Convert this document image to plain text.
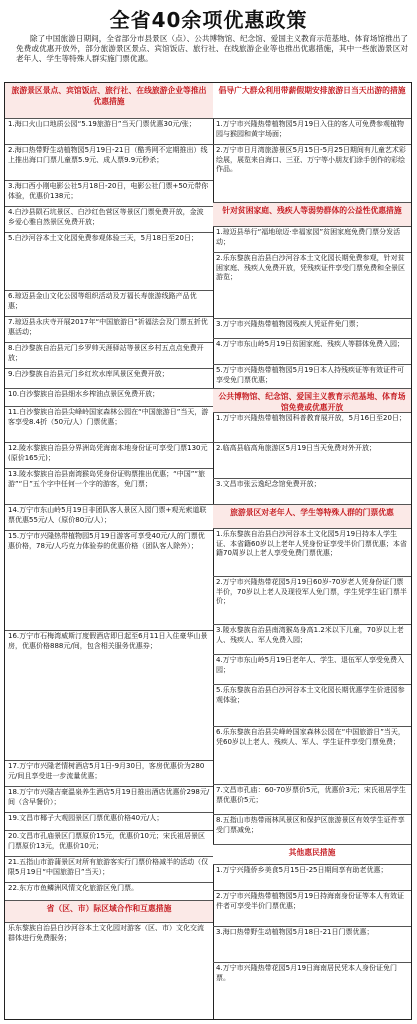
全省40余项优惠政策
除了中国旅游日期间，全省部分市县景区（点）、公共博物馆、纪念馆、爱国主义教育示范基地、体育场馆推出了免费或优惠开放外，部分旅游景区景点、宾馆饭店、旅行社、在线旅游企业等也推出优惠措施，其中一些旅游景区对老年人、学生等特殊人群实施门票优惠。
旅游景区景点、宾馆饭店、旅行社、在线旅游企业等推出优惠措施
1.海口火山口地质公园“5.19旅游日”当天门票优惠30元/张；
2.海口热带野生动植物园5月19日-21日（酷秀网不定期推出）线上推出海口门票儿童票5.9元、成人票9.9元秒杀；
3.海口西小刚电影公社5月18日-20日，电影公社门票+50元带你体验，优惠价138元；
4.白沙县陨石坑景区、白沙红色营区等景区门票免费开放，金波乡爱心雅自然景区免费开放；
5.白沙河谷本土文化园免费参观体验三天，5月18日至20日；
6.琼迈县金山文化公园等组织活动及万福长寿旅游线路产品优惠；
7.琼迈县永庆寺开展2017年“中国旅游日”祈福法会及门票五折优惠活动；
8.白沙黎族自治县元门乡罗帅天涯驿站等景区乡村五点点免费开放；
9.白沙黎族自治县元门乡红坎水库风景区免费开放；
10.白沙黎族自治县细水乡榨油点景区免费开放；
11.白沙黎族自治县尖峰岭国家森林公园在“中国旅游日”当天，游客享受8.4折（50元/人）门票优惠；
12.陵水黎族自治县分界洲岛凭海南本地身份证可享受门票130元(原价165元)；
13.陵水黎族自治县南湾猴岛凭身份证购票推出优惠；“中国”“旅游”“日”五个字中任何一个字的游客，免门票；
14.万宁市东山岭5月19日非团队客人景区入园门票+观光索道联票优惠55元/人（原价80元/人）；
15.万宁市兴隆热带植物园5月19日游客可享受40元/人的门票优惠价格，78元/人巧克力体验券的优惠价格（团队客人除外）；
16.万宁市石梅湾威斯汀度假酒店即日起至6月11日入住豪华山景房，优惠价格888元/间，包含相关服务优惠券；
17.万宁市兴隆老情树酒店5月1日-9月30日，客房优惠价为280元/间且享受进一步流量优惠；
18.万宁市兴隆吉豪温泉养生酒店5月19日推出酒店优惠价298元/间（含早餐价）；
19.文昌市椰子大观园景区门票优惠价格40元/人；
20.文昌市孔庙景区门票原价15元，优惠价10元；宋氏祖居景区门票原价13元，优惠价10元；
21.五指山市游蒲景区对所有旅游客实行门票价格减半的活动（仅限5月19日“中国旅游日”当天）；
22.东方市鱼鳞洲风情文化旅游区免门票。
省（区、市）际区域合作和互惠措施
乐东黎族自治县白沙河谷本土文化园对游客（区、市）文化交流群体进行免费服务；
倡导广大群众利用带薪假期安排旅游日当天出游的措施
1.万宁市兴隆热带植物园5月19日入住的客人可免费参观植物园与猴园和黄宇场面；
2.万宁市日月湾旅游景区5月15日-5月25日期间有儿童艺术彩绘展，展览来自海口、三亚、万宁等小朋友们涂手创作的彩绘作品。
针对贫困家庭、残疾人等弱势群体的公益性优惠措施
1.琼迈县举行“福地琼迈·幸福家园”贫困家庭免费门票分发活动；
2.乐东黎族自治县白沙河谷本土文化园长期免费参观，针对贫困家庭、残疾人免费开放，凭残疾证件享受门票免费和全景区游览；
3.万宁市兴隆热带植物园残疾人凭证件免门票；
4.万宁市东山岭5月19日贫困家庭、残疾人等群体免费入园；
5.万宁市兴隆热带植物园5月19日本人持残疾证等有效证件可享受免门票优惠；
公共博物馆、纪念馆、爱国主义教育示范基地、体育场馆免费或优惠开放
1.万宁市兴隆热带植物园科普教育展开放，5月16日至20日；
2.临高县临高角旅游区5月19日当天免费对外开放；
3.文昌市张云逸纪念馆免费开放；
旅游景区对老年人、学生等特殊人群的门票优惠
1.乐东黎族自治县白沙河谷本土文化园5月19日持本人学生证、本省籍60岁以上老年人凭身份证享受半价门票优惠；本省籍70周岁以上老人享受免费门票优惠；
2.万宁市兴隆热带花园5月19日60岁-70岁老人凭身份证门票半价，70岁以上老人及现役军人免门票，学生凭学生证门票半价；
3.陵水黎族自治县南湾猴岛身高1.2米以下儿童，70岁以上老人、残疾人、军人免费入园；
4.万宁市东山岭5月19日老年人、学生、退伍军人享受免费入园；
5.乐东黎族自治县白沙河谷本土文化园长期优惠学生价进园参观体验；
6.乐东黎族自治县尖峰岭国家森林公园在“中国旅游日”当天，凭60岁以上老人、残疾人、军人、学生证件享受门票免费；
7.文昌市孔庙：60-70岁票价5元，优惠价3元；宋氏祖居学生票优惠价5元；
8.五指山市热带雨林风景区和保护区旅游景区有效学生证件享受门票减免；
其他惠民措施
1.万宁兴隆侨乡美食5月15日-25日期间享有助老优惠；
2.万宁市兴隆热带植物园5月19日持海南身份证等本人有效证件者可享受半价门票优惠；
3.海口热带野生动植物园5月18日-21日门票优惠；
4.万宁市兴隆热带花园5月19日海南居民凭本人身份证免门票。
